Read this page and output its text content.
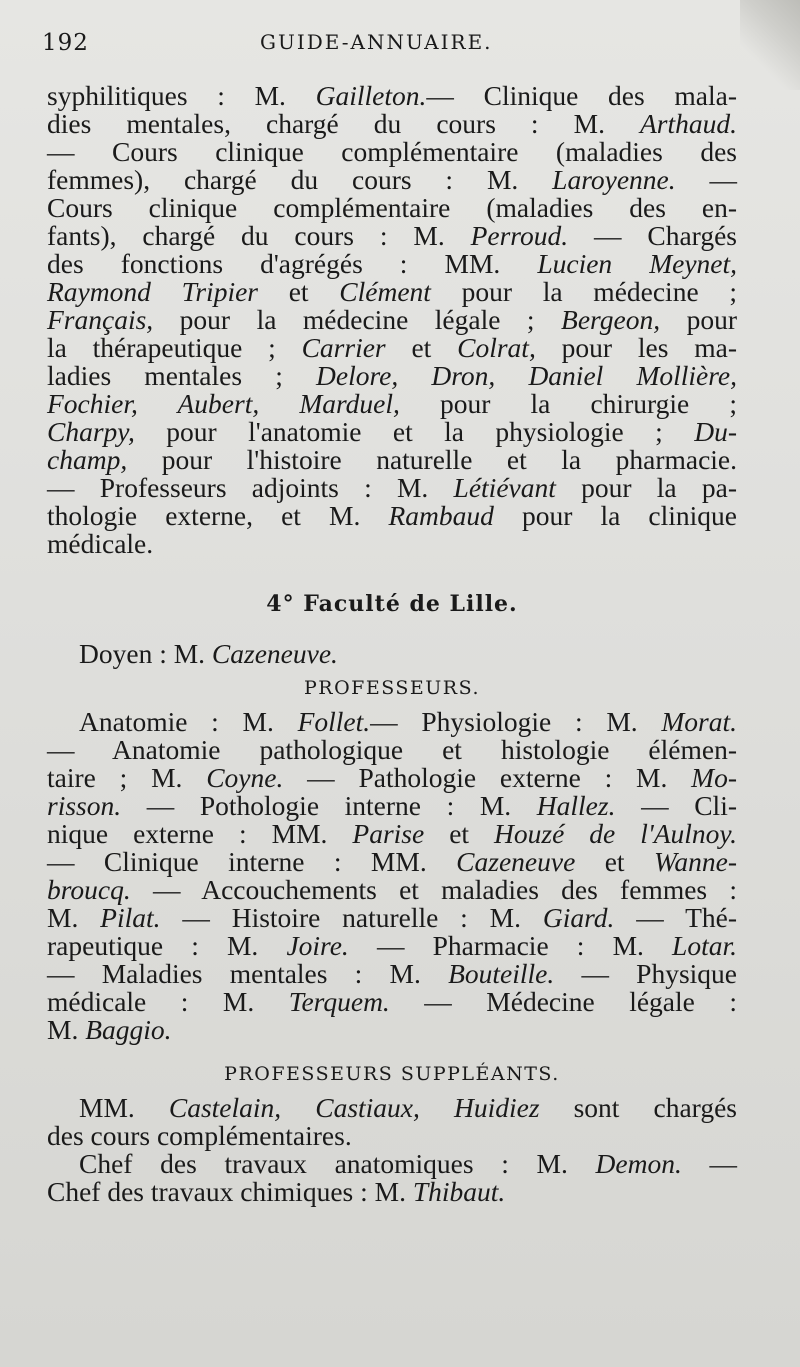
192	GUIDE-ANNUAIRE.
syphilitiques : M. Gailleton.— Clinique des mala-
dies mentales, chargé du cours : M. Arthaud.
— Cours clinique complémentaire (maladies des
femmes), chargé du cours : M. Laroyenne. —
Cours clinique complémentaire (maladies des en-
fants), chargé du cours : M. Perroud. — Chargés
des fonctions d'agrégés : MM. Lucien Meynet,
Raymond Tripier et Clément pour la médecine ;
Français, pour la médecine légale ; Bergeon, pour
la thérapeutique ; Carrier et Colrat, pour les ma-
ladies mentales ; Delore, Dron, Daniel Mollière,
Fochier, Aubert, Marduel, pour la chirurgie ;
Charpy, pour l'anatomie et la physiologie ; Du-
champ, pour l'histoire naturelle et la pharmacie.
— Professeurs adjoints : M. Létiévant pour la pa-
thologie externe, et M. Rambaud pour la clinique
médicale.
4° Faculté de Lille.
Doyen : M. Cazeneuve.
PROFESSEURS.
Anatomie : M. Follet.— Physiologie : M. Morat.
— Anatomie pathologique et histologie élémen-
taire ; M. Coyne. — Pathologie externe : M. Mo-
risson. — Pothologie interne : M. Hallez. — Cli-
nique externe : MM. Parise et Houzé de l'Aulnoy.
— Clinique interne : MM. Cazeneuve et Wanne-
broucq. — Accouchements et maladies des femmes :
M. Pilat. — Histoire naturelle : M. Giard. — Thé-
rapeutique : M. Joire. — Pharmacie : M. Lotar.
— Maladies mentales : M. Bouteille. — Physique
médicale : M. Terquem. — Médecine légale :
M. Baggio.
PROFESSEURS SUPPLÉANTS.
MM. Castelain, Castiaux, Huidiez sont chargés
des cours complémentaires.
Chef des travaux anatomiques : M. Demon. —
Chef des travaux chimiques : M. Thibaut.
